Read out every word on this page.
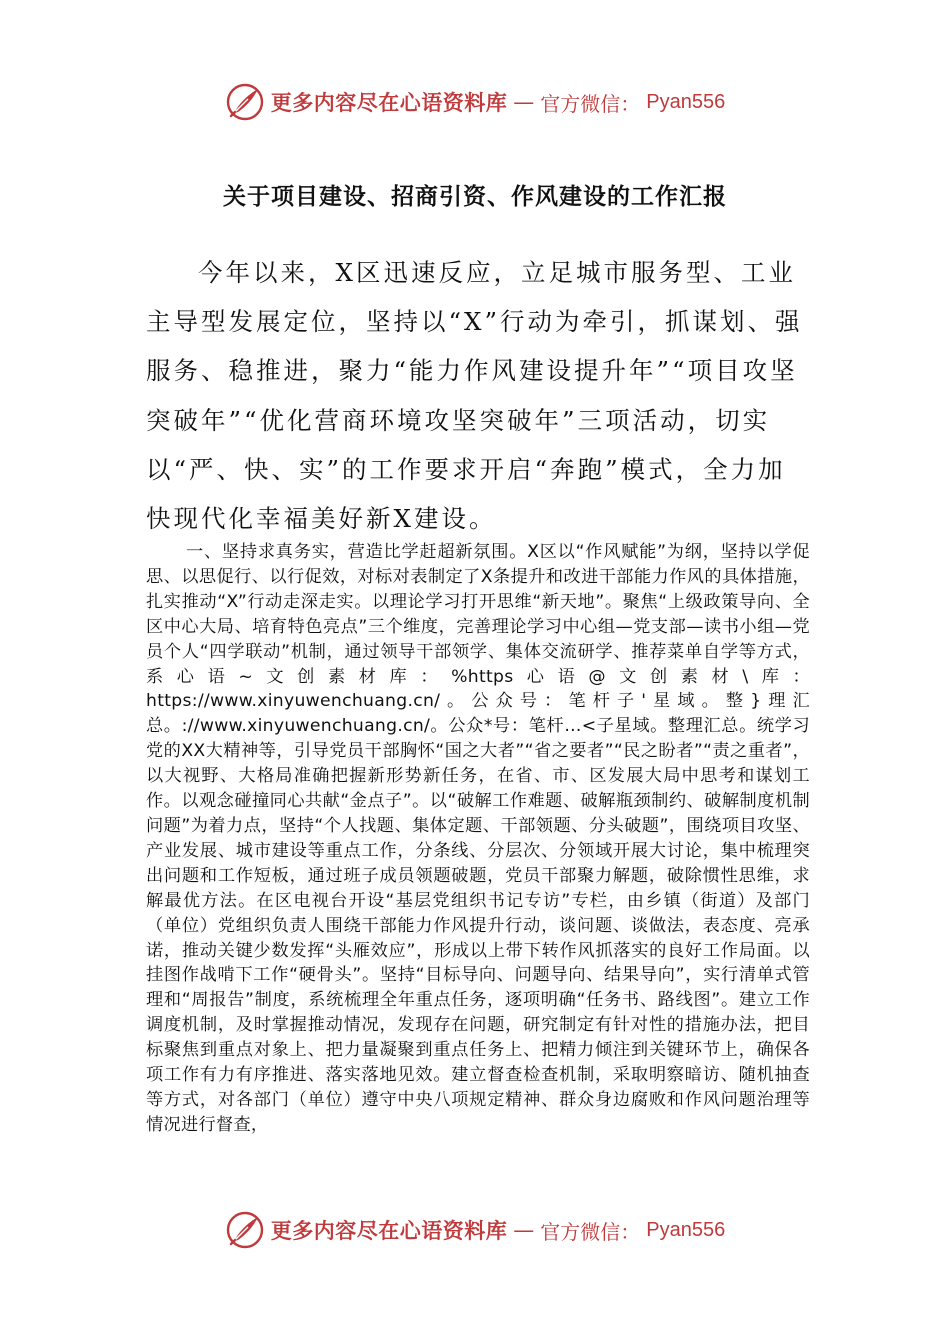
更多内容尽在心语资料库 — 官方微信： Pyan556
关于项目建设、招商引资、作风建设的工作汇报

今年以来，X区迅速反应，立足城市服务型、工业主导型发展定位，坚持以“X”行动为牵引，抓谋划、强服务、稳推进，聚力“能力作风建设提升年”“项目攻坚突破年”“优化营商环境攻坚突破年”三项活动，切实以“严、快、实”的工作要求开启“奔跑”模式，全力加快现代化幸福美好新X建设。

一、坚持求真务实，营造比学赶超新氛围。X区以“作风赋能”为纲，坚持以学促思、以思促行、以行促效，对标对表制定了X条提升和改进干部能力作风的具体措施，扎实推动“X”行动走深走实。以理论学习打开思维“新天地”。聚焦“上级政策导向、全区中心大局、培育特色亮点”三个维度，完善理论学习中心组—党支部—读书小组—党员个人“四学联动”机制，通过领导干部领学、集体交流研学、推荐菜单自学等方式，系心语~文创素材库：%https心语@文创素材\库：https://www.xinyuwenchuang.cn/。公众号：笔杆子'星域。整}理汇总。://www.xinyuwenchuang.cn/。公众*号：笔杆…<子星域。整理汇总。统学习党的XX大精神等，引导党员干部胸怀“国之大者”“省之要者”“民之盼者”“责之重者”，以大视野、大格局准确把握新形势新任务，在省、市、区发展大局中思考和谋划工作。以观念碰撞同心共献“金点子”。以“破解工作难题、破解瓶颈制约、破解制度机制问题”为着力点，坚持“个人找题、集体定题、干部领题、分头破题”，围绕项目攻坚、产业发展、城市建设等重点工作，分条线、分层次、分领域开展大讨论，集中梳理突出问题和工作短板，通过班子成员领题破题，党员干部聚力解题，破除惯性思维，求解最优方法。在区电视台开设“基层党组织书记专访”专栏，由乡镇（街道）及部门（单位）党组织负责人围绕干部能力作风提升行动，谈问题、谈做法，表态度、亮承诺，推动关键少数发挥“头雁效应”，形成以上带下转作风抓落实的良好工作局面。以挂图作战啃下工作“硬骨头”。坚持“目标导向、问题导向、结果导向”，实行清单式管理和“周报告”制度，系统梳理全年重点任务，逐项明确“任务书、路线图”。建立工作调度机制，及时掌握推动情况，发现存在问题，研究制定有针对性的措施办法，把目标聚焦到重点对象上、把力量凝聚到重点任务上、把精力倾注到关键环节上，确保各项工作有力有序推进、落实落地见效。建立督查检查机制，采取明察暗访、随机抽查等方式，对各部门（单位）遵守中央八项规定精神、群众身边腐败和作风问题治理等情况进行督查，

更多内容尽在心语资料库 — 官方微信： Pyan556
